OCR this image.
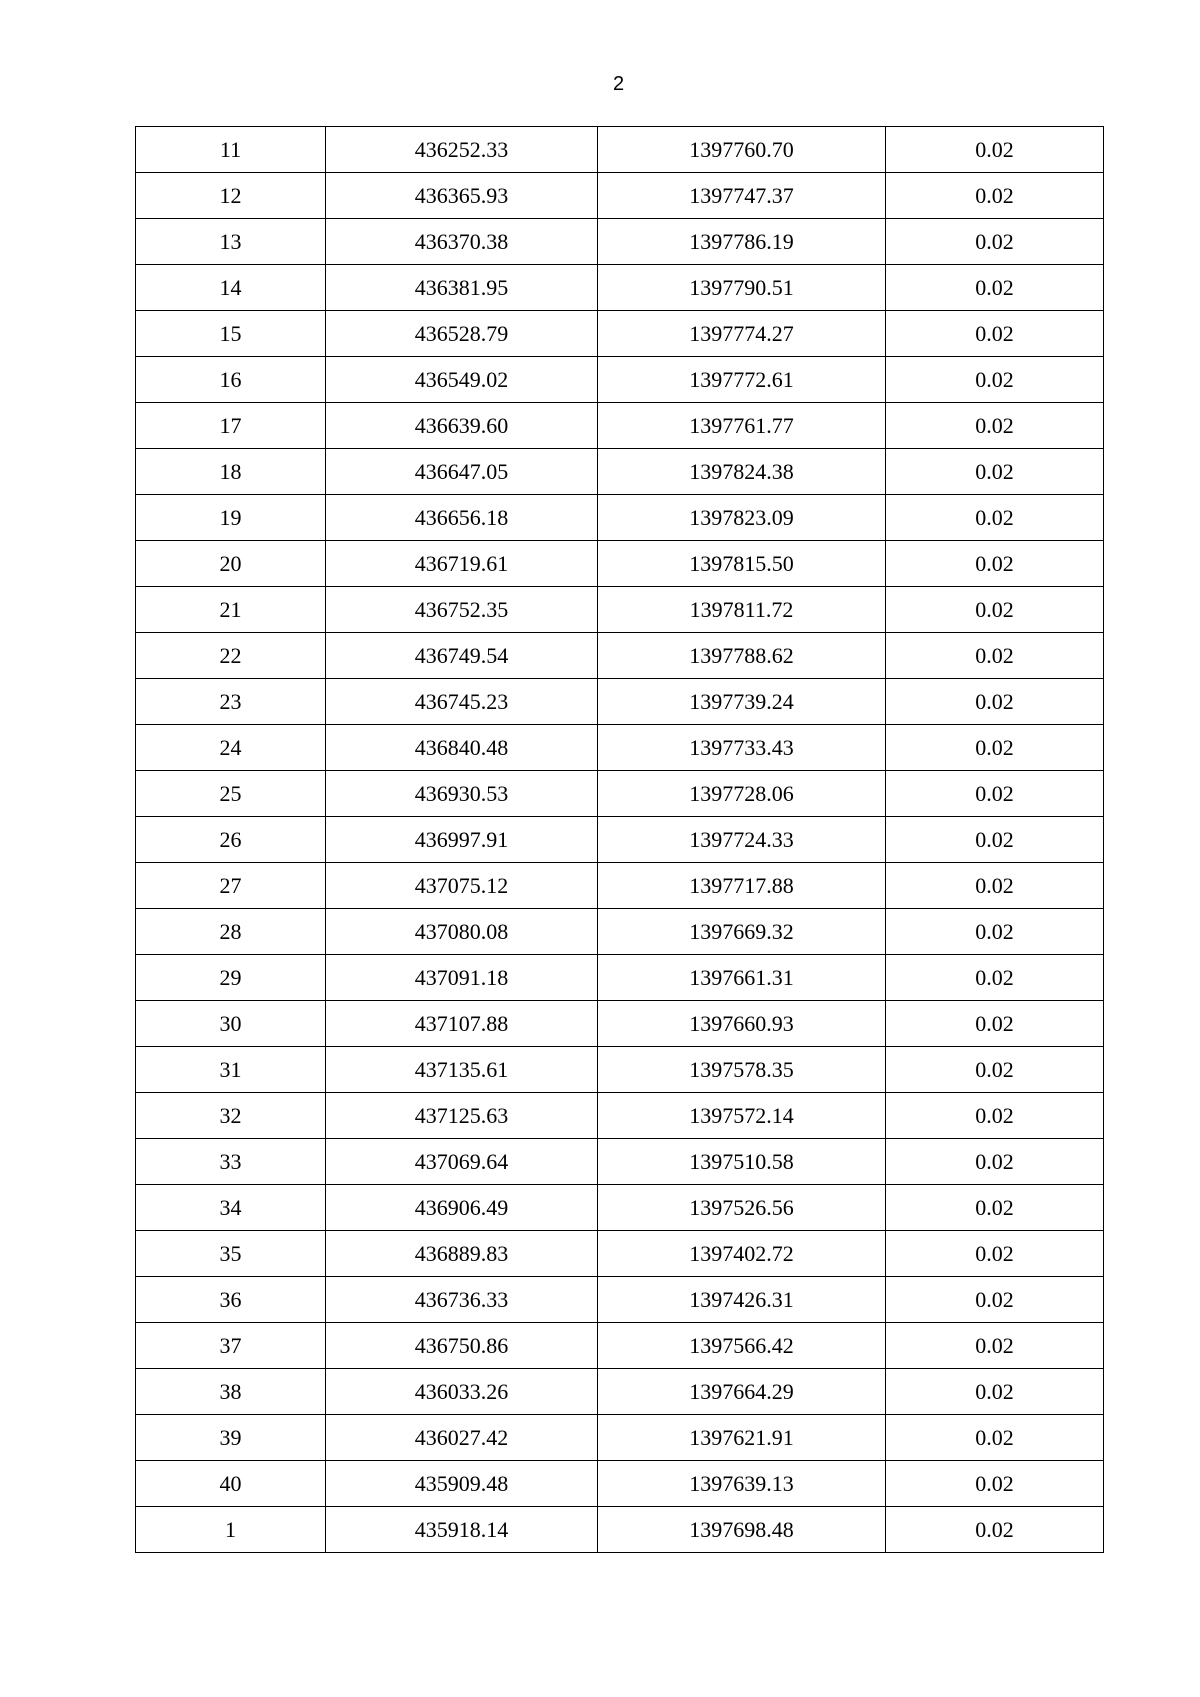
2
11	436252.33	1397760.70	0.02
12	436365.93	1397747.37	0.02
13	436370.38	1397786.19	0.02
14	436381.95	1397790.51	0.02
15	436528.79	1397774.27	0.02
16	436549.02	1397772.61	0.02
17	436639.60	1397761.77	0.02
18	436647.05	1397824.38	0.02
19	436656.18	1397823.09	0.02
20	436719.61	1397815.50	0.02
21	436752.35	1397811.72	0.02
22	436749.54	1397788.62	0.02
23	436745.23	1397739.24	0.02
24	436840.48	1397733.43	0.02
25	436930.53	1397728.06	0.02
26	436997.91	1397724.33	0.02
27	437075.12	1397717.88	0.02
28	437080.08	1397669.32	0.02
29	437091.18	1397661.31	0.02
30	437107.88	1397660.93	0.02
31	437135.61	1397578.35	0.02
32	437125.63	1397572.14	0.02
33	437069.64	1397510.58	0.02
34	436906.49	1397526.56	0.02
35	436889.83	1397402.72	0.02
36	436736.33	1397426.31	0.02
37	436750.86	1397566.42	0.02
38	436033.26	1397664.29	0.02
39	436027.42	1397621.91	0.02
40	435909.48	1397639.13	0.02
1	435918.14	1397698.48	0.02
